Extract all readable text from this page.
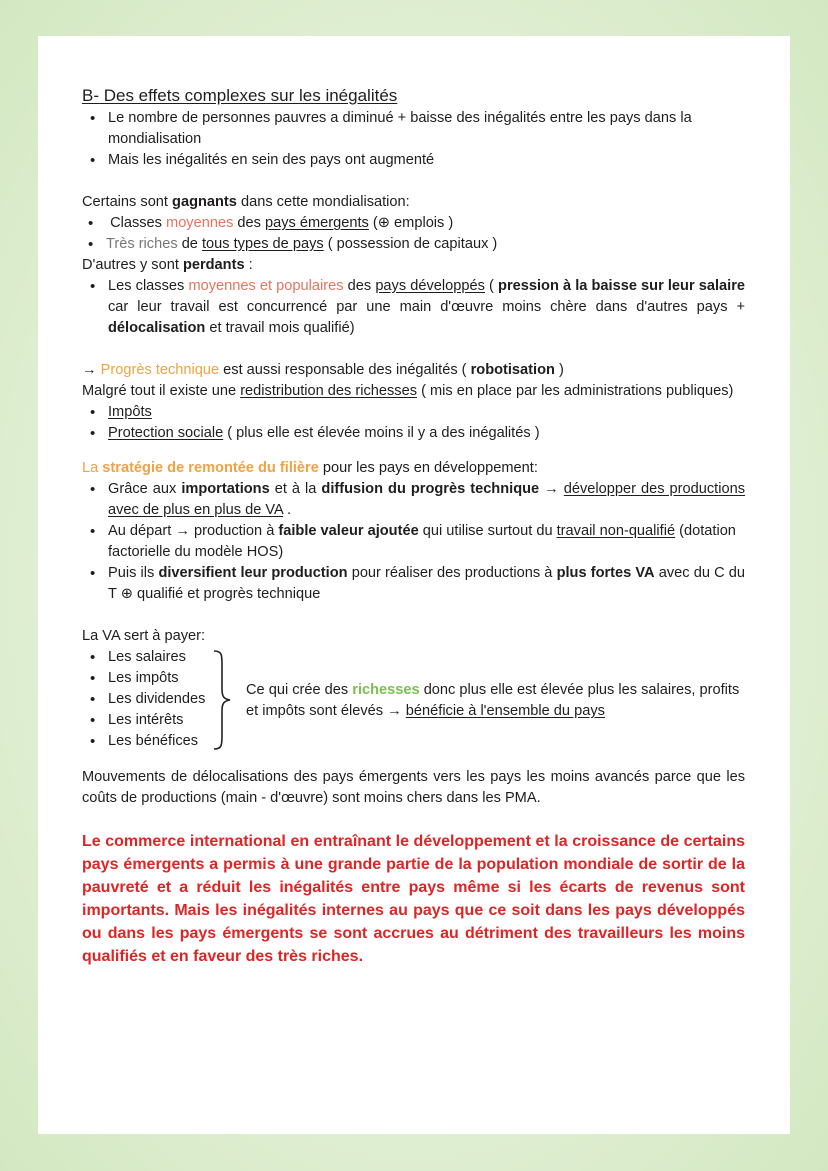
B- Des effets complexes sur les inégalités

• Le nombre de personnes pauvres a diminué + baisse des inégalités entre les pays dans la mondialisation
• Mais les inégalités en sein des pays ont augmenté

Certains sont gagnants dans cette mondialisation:

• Classes moyennes des pays émergents (⊕ emplois )
• Très riches de tous types de pays ( possession de capitaux )

D'autres y sont perdants :

• Les classes moyennes et populaires des pays développés ( pression à la baisse sur leur salaire car leur travail est concurrencé par une main d'œuvre moins chère dans d'autres pays + délocalisation et travail mois qualifié)

→ Progrès technique est aussi responsable des inégalités ( robotisation )

Malgré tout il existe une redistribution des richesses ( mis en place par les administrations publiques)

• Impôts
• Protection sociale ( plus elle est élevée moins il y a des inégalités )

La stratégie de remontée du filière pour les pays en développement:

• Grâce aux importations et à la diffusion du progrès technique → développer des productions avec de plus en plus de VA .
• Au départ → production à faible valeur ajoutée qui utilise surtout du travail non-qualifié (dotation factorielle du modèle HOS)
• Puis ils diversifient leur production pour réaliser des productions à plus fortes VA avec du C du T ⊕ qualifié et progrès technique

La VA sert à payer:

• Les salaires
• Les impôts
• Les dividendes
• Les intérêts
• Les bénéfices
Ce qui crée des richesses donc plus elle est élevée plus les salaires, profits et impôts sont élevés → bénéficie à l'ensemble du pays

Mouvements de délocalisations des pays émergents vers les pays les moins avancés parce que les coûts de productions (main - d'œuvre) sont moins chers dans les PMA.

Le commerce international en entraînant le développement et la croissance de certains pays émergents a permis à une grande partie de la population mondiale de sortir de la pauvreté et a réduit les inégalités entre pays même si les écarts de revenus sont importants. Mais les inégalités internes au pays que ce soit dans les pays développés ou dans les pays émergents se sont accrues au détriment des travailleurs les moins qualifiés et en faveur des très riches.
